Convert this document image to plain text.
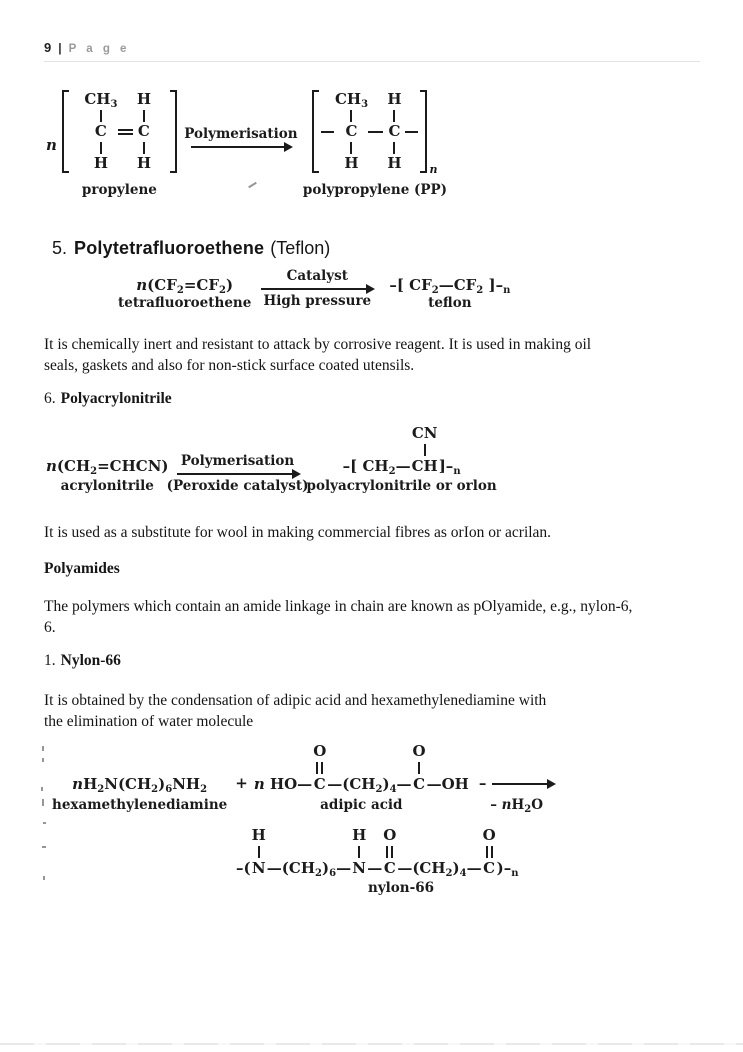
9 | P a g e
n
$CH_3$ H
C C
H H
propylene
Polymerisation
$CH_3$ H
C C
H H	n
polypropylene (PP)
5. Polytetrafluoroethene (Teflon)
$n(CF_2=CF_2)$
tetrafluoroethene
Catalyst
High pressure
–[ $CF_2—CF_2$ ]$-_n$
teflon
It is chemically inert and resistant to attack by corrosive reagent. It is used in making oil
seals, gaskets and also for non-stick surface coated utensils.
6. Polyacrylonitrile
$n(CH_2=CHCN)$
acrylonitrile
Polymerisation
(Peroxide catalyst)
–[ $CH_2—$
CN
CH ]$-_n$
polyacrylonitrile or orlon
It is used as a substitute for wool in making commercial fibres as orIon or acrilan.
Polyamides
The polymers which contain an amide linkage in chain are known as pOlyamide, e.g., nylon-6,
6.
1. Nylon-66
It is obtained by the condensation of adipic acid and hexamethylenediamine with
the elimination of water molecule
$nH_2N(CH_2)_6NH_2$
hexamethylenediamine
+ n HO—
O
C $—(CH_2)_4—$
O
C —OH
adipic acid
–
– $nH_2O$
–(
H
N $—(CH_2)_6—$
H
N —
O
C $—(CH_2)_4—$
O
C )$-_n$
nylon-66
